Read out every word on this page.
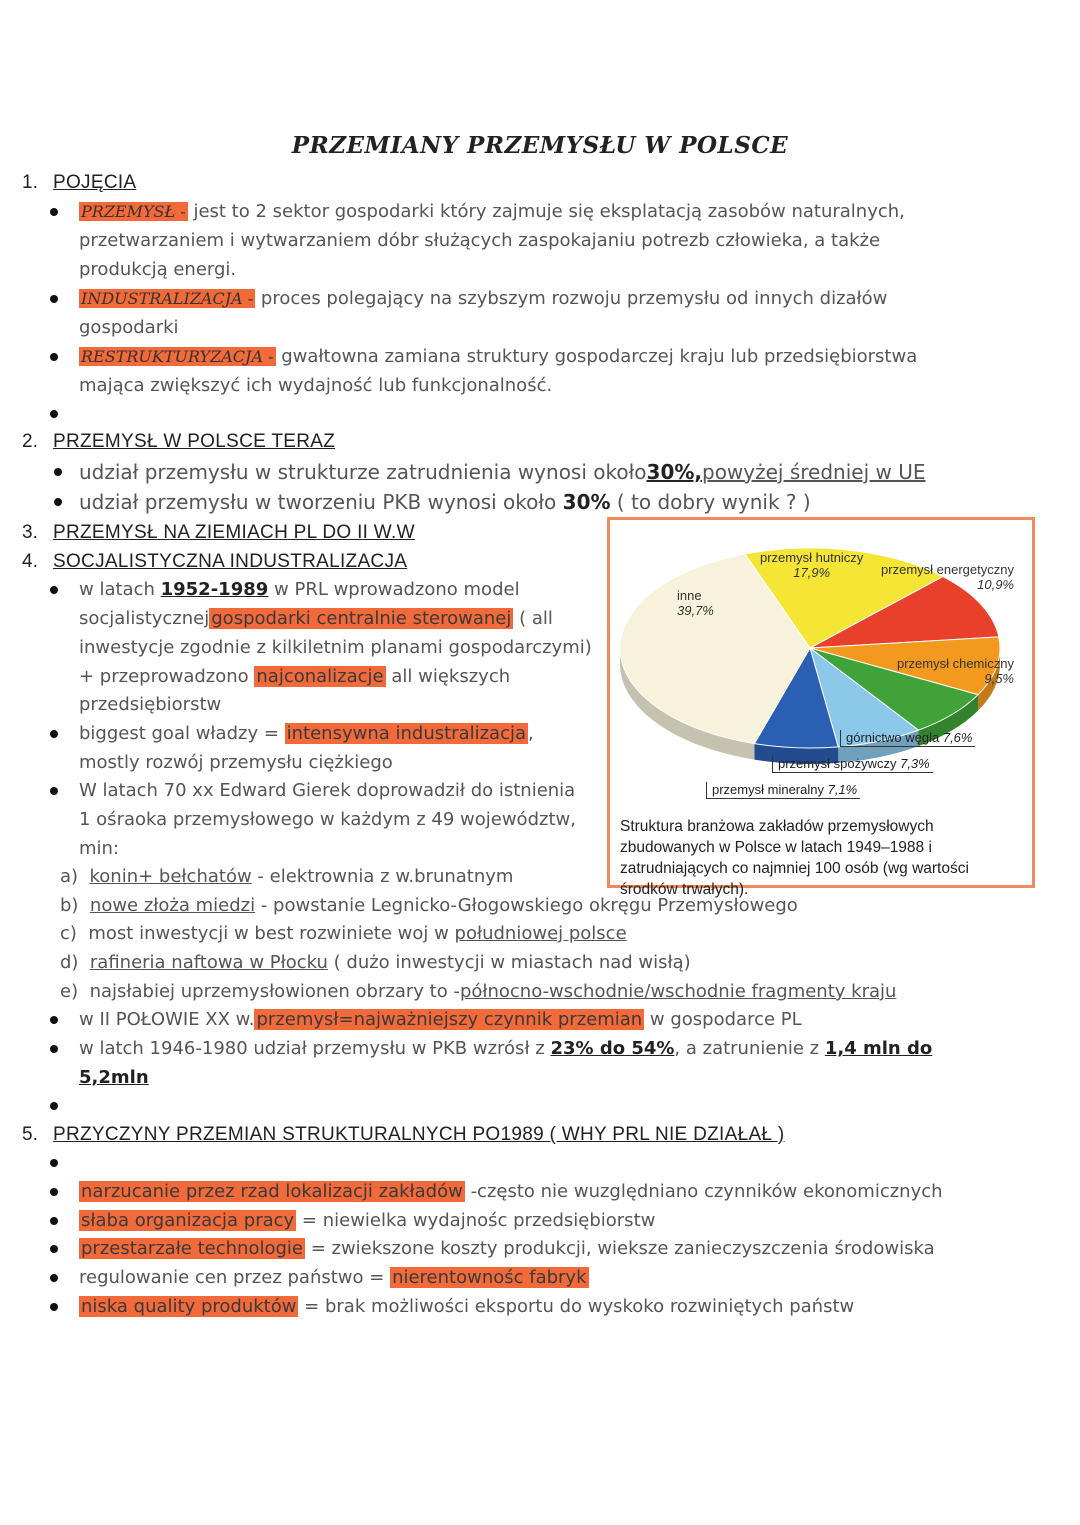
PRZEMIANY PRZEMYSŁU W POLSCE
1. POJĘCIA
PRZEMYSŁ - jest to 2 sektor gospodarki który zajmuje się eksplatacją zasobów naturalnych,
przetwarzaniem i wytwarzaniem dóbr służących zaspokajaniu potrezb człowieka, a także
produkcją energi.
INDUSTRALIZACJA - proces polegający na szybszym rozwoju przemysłu od innych dizałów
gospodarki
RESTRUKTURYZACJA - gwałtowna zamiana struktury gospodarczej kraju lub przedsiębiorstwa
mająca zwiększyć ich wydajność lub funkcjonalność.
2. PRZEMYSŁ W POLSCE TERAZ
udział przemysłu w strukturze zatrudnienia wynosi około30%,powyżej średniej w UE
udział przemysłu w tworzeniu PKB wynosi około 30% ( to dobry wynik ? )
3. PRZEMYSŁ NA ZIEMIACH PL DO II W.W
4. SOCJALISTYCZNA INDUSTRALIZACJA
w latach 1952-1989 w PRL wprowadzono model
socjalistycznej gospodarki centralnie sterowanej ( all
inwestycje zgodnie z kilkiletnim planami gospodarczymi)
+ przeprowadzono najconalizacje all większych
przedsiębiorstw
biggest goal władzy = intensywna industralizacja ,
mostly rozwój przemysłu ciężkiego
W latach 70 xx Edward Gierek doprowadził do istnienia
1 ośraoka przemysłowego w każdym z 49 województw,
min:
a) konin+ bełchatów - elektrownia z w.brunatnym
b) nowe złoża miedzi - powstanie Legnicko-Głogowskiego okręgu Przemysłowego
c) most inwestycji w best rozwiniete woj w południowej polsce
d) rafineria naftowa w Płocku ( dużo inwestycji w miastach nad wisłą)
e) najsłabiej uprzemysłowionen obrzary to -północno-wschodnie/wschodnie fragmenty kraju
w II POŁOWIE XX w. przemysł=najważniejszy czynnik przemian w gospodarce PL
w latch 1946-1980 udział przemysłu w PKB wzrósł z 23% do 54%, a zatrunienie z 1,4 mln do
5,2mln
5. PRZYCZYNY PRZEMIAN STRUKTURALNYCH PO1989 ( WHY PRL NIE DZIAŁAŁ )
narzucanie przez rzad lokalizacji zakładów -często nie wuzględniano czynników ekonomicznych
słaba organizacja pracy = niewielka wydajnośc przedsiębiorstw
przestarzałe technologie = zwiekszone koszty produkcji, wieksze zanieczyszczenia środowiska
regulowanie cen przez państwo = nierentownośc fabryk
niska quality produktów = brak możliwości eksportu do wyskoko rozwiniętych państw
przemysł hutniczy
17,9%	przemysł energetyczny
10,9%
przemysł chemiczny
9,5%
inne
39,7%
górnictwo węgla 7,6%
przemysł spożywczy 7,3%
przemysł mineralny 7,1%
Struktura branżowa zakładów przemysłowych zbudowanych w Polsce w latach 1949–1988 i zatrudniających co najmniej 100 osób (wg wartości środków trwałych).
